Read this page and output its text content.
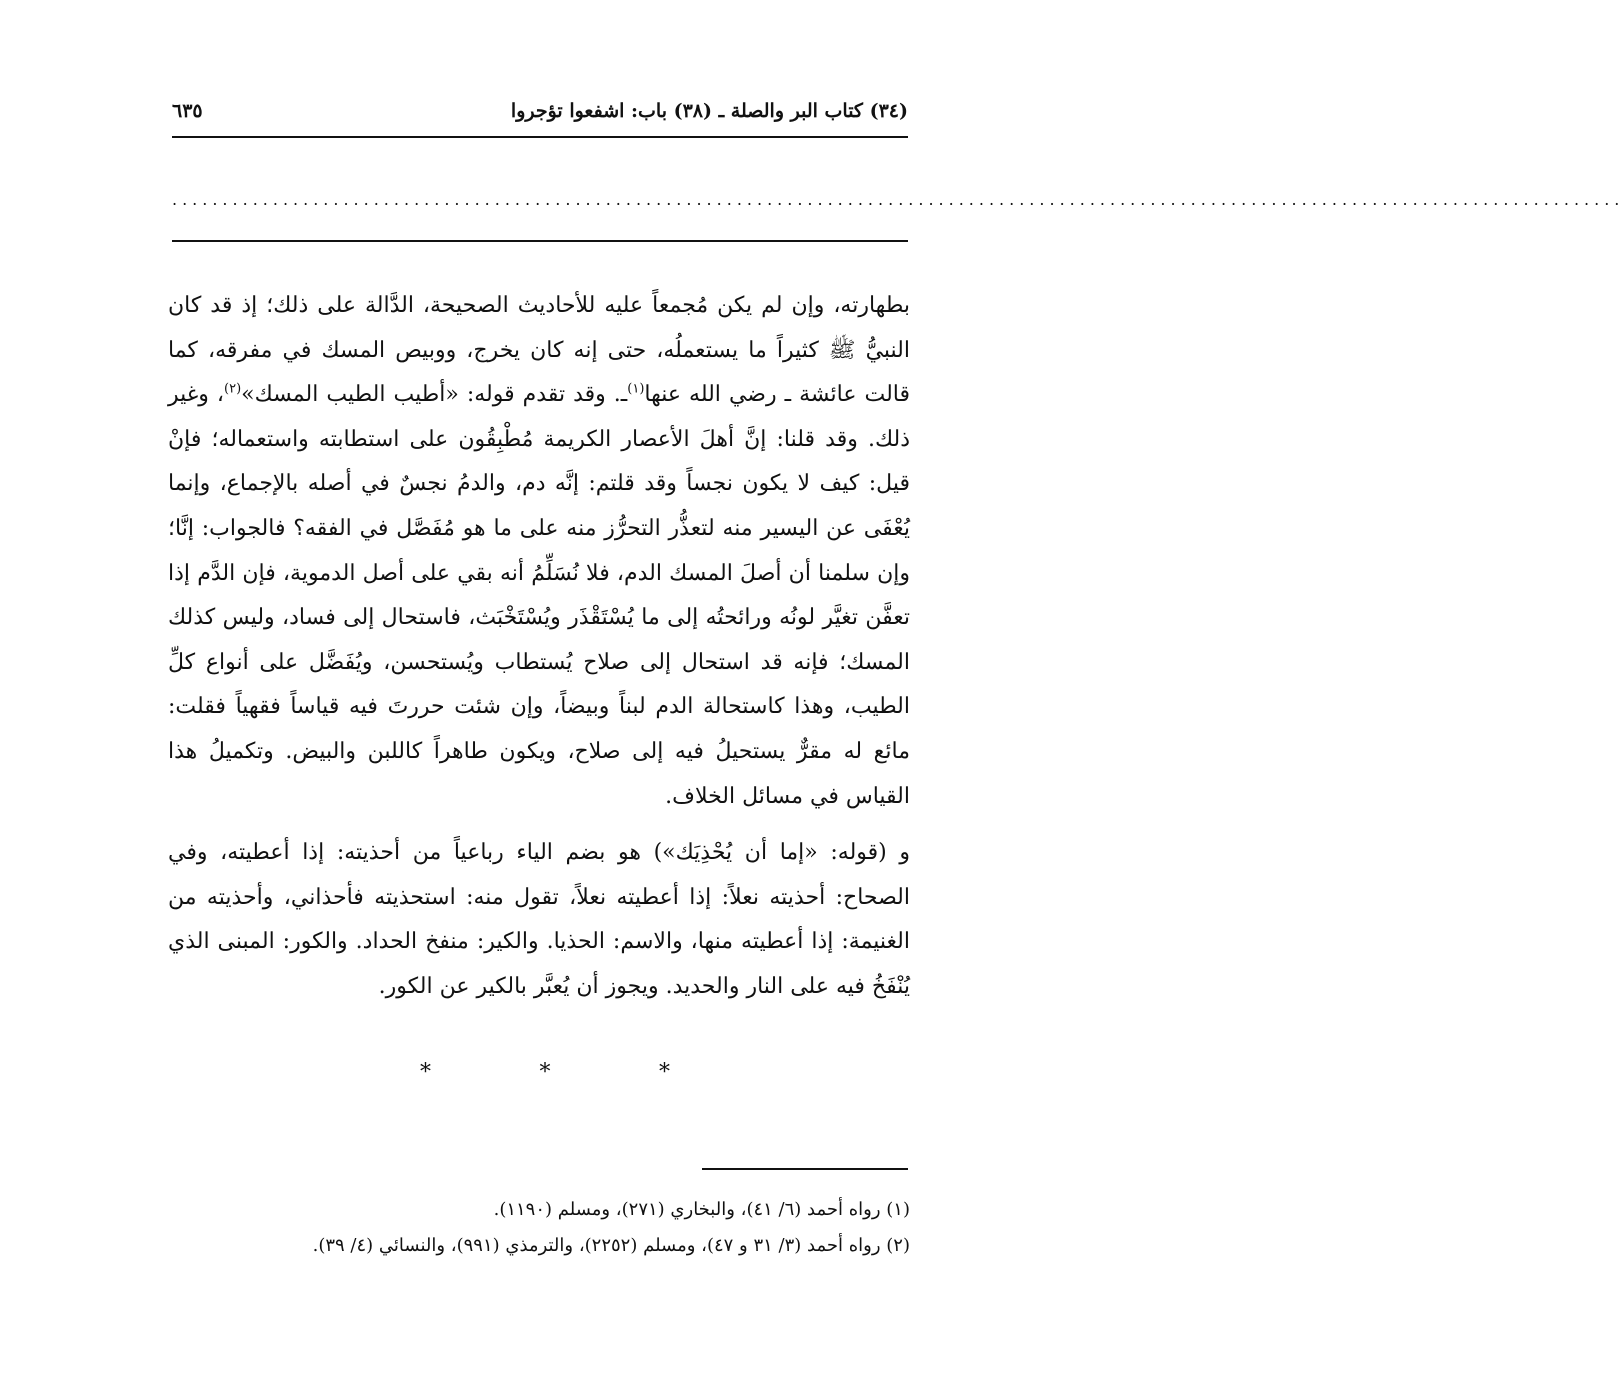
(٣٤) كتاب البر والصلة ـ (٣٨) باب: اشفعوا تؤجروا
٦٣٥
................................................................................................................................................

بطهارته، وإن لم يكن مُجمعاً عليه للأحاديث الصحيحة، الدَّالة على ذلك؛ إذ قد كان النبيُّ ﷺ كثيراً ما يستعملُه، حتى إنه كان يخرج، ووبيص المسك في مفرقه، كما قالت عائشة ـ رضي الله عنها$^{(١)}$ـ. وقد تقدم قوله: «أطيب الطيب المسك»$^{(٢)}$، وغير ذلك. وقد قلنا: إنَّ أهلَ الأعصار الكريمة مُطْبِقُون على استطابته واستعماله؛ فإنْ قيل: كيف لا يكون نجساً وقد قلتم: إنَّه دم، والدمُ نجسٌ في أصله بالإجماع، وإنما يُعْفَى عن اليسير منه لتعذُّر التحرُّز منه على ما هو مُفَصَّل في الفقه؟ فالجواب: إنَّا؛ وإن سلمنا أن أصلَ المسك الدم، فلا نُسَلِّمُ أنه بقي على أصل الدموية، فإن الدَّم إذا تعفَّن تغيَّر لونُه ورائحتُه إلى ما يُسْتَقْذَر ويُسْتَخْبَث، فاستحال إلى فساد، وليس كذلك المسك؛ فإنه قد استحال إلى صلاح يُستطاب ويُستحسن، ويُفَضَّل على أنواع كلِّ الطيب، وهذا كاستحالة الدم لبناً وبيضاً، وإن شئت حررتَ فيه قياساً فقهياً فقلت: مائع له مقرٌّ يستحيلُ فيه إلى صلاح، ويكون طاهراً كاللبن والبيض. وتكميلُ هذا القياس في مسائل الخلاف.

و (قوله: «إما أن يُحْذِيَك») هو بضم الياء رباعياً من أحذيته: إذا أعطيته، وفي الصحاح: أحذيته نعلاً: إذا أعطيته نعلاً، تقول منه: استحذيته فأحذاني، وأحذيته من الغنيمة: إذا أعطيته منها، والاسم: الحذيا. والكير: منفخ الحداد. والكور: المبنى الذي يُنْفَخُ فيه على النار والحديد. ويجوز أن يُعبَّر بالكير عن الكور.

*	*	*

(١) رواه أحمد (٦/ ٤١)، والبخاري (٢٧١)، ومسلم (١١٩٠).

(٢) رواه أحمد (٣/ ٣١ و ٤٧)، ومسلم (٢٢٥٢)، والترمذي (٩٩١)، والنسائي (٤/ ٣٩).
